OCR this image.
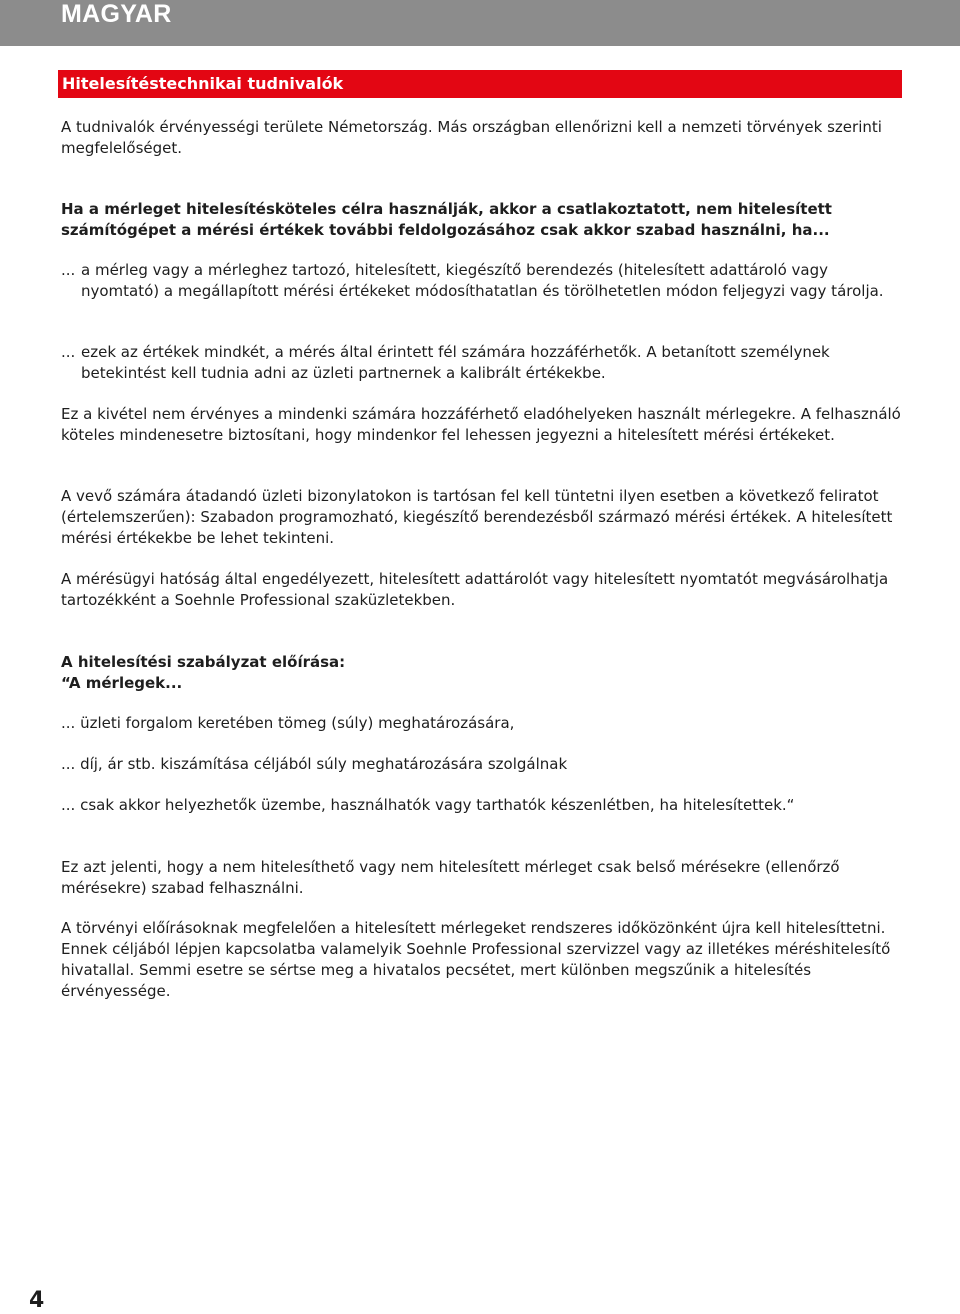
MAGYAR
Hitelesítéstechnikai tudnivalók

A tudnivalók érvényességi területe Németország. Más országban ellenőrizni kell a nemzeti törvények szerinti megfelelőséget.

Ha a mérleget hitelesítésköteles célra használják, akkor a csatlakoztatott, nem hitelesített számítógépet a mérési értékek további feldolgozásához csak akkor szabad használni, ha...

... a mérleg vagy a mérleghez tartozó, hitelesített, kiegészítő berendezés (hitelesített adattároló vagy nyomtató) a megállapított mérési értékeket módosíthatatlan és törölhetetlen módon feljegyzi vagy tárolja.
... ezek az értékek mindkét, a mérés által érintett fél számára hozzáférhetők. A betanított személynek betekintést kell tudnia adni az üzleti partnernek a kalibrált értékekbe.

Ez a kivétel nem érvényes a mindenki számára hozzáférhető eladóhelyeken használt mérlegekre. A felhasználó köteles mindenesetre biztosítani, hogy mindenkor fel lehessen jegyezni a hitelesített mérési értékeket.

A vevő számára átadandó üzleti bizonylatokon is tartósan fel kell tüntetni ilyen esetben a következő feliratot (értelemszerűen): Szabadon programozható, kiegészítő berendezésből származó mérési értékek. A hitelesített mérési értékekbe be lehet tekinteni.

A mérésügyi hatóság által engedélyezett, hitelesített adattárolót vagy hitelesített nyomtatót megvásárolhatja tartozékként a Soehnle Professional szaküzletekben.

A hitelesítési szabályzat előírása:

“A mérlegek...

... üzleti forgalom keretében tömeg (súly) meghatározására,

... díj, ár stb. kiszámítása céljából súly meghatározására szolgálnak

... csak akkor helyezhetők üzembe, használhatók vagy tarthatók készenlétben, ha hitelesítettek.“

Ez azt jelenti, hogy a nem hitelesíthető vagy nem hitelesített mérleget csak belső mérésekre (ellenőrző mérésekre) szabad felhasználni.

A törvényi előírásoknak megfelelően a hitelesített mérlegeket rendszeres időközönként újra kell hitelesíttetni. Ennek céljából lépjen kapcsolatba valamelyik Soehnle Professional szervizzel vagy az illetékes méréshitelesítő hivatallal. Semmi esetre se sértse meg a hivatalos pecsétet, mert különben megszűnik a hitelesítés érvényessége.

4
